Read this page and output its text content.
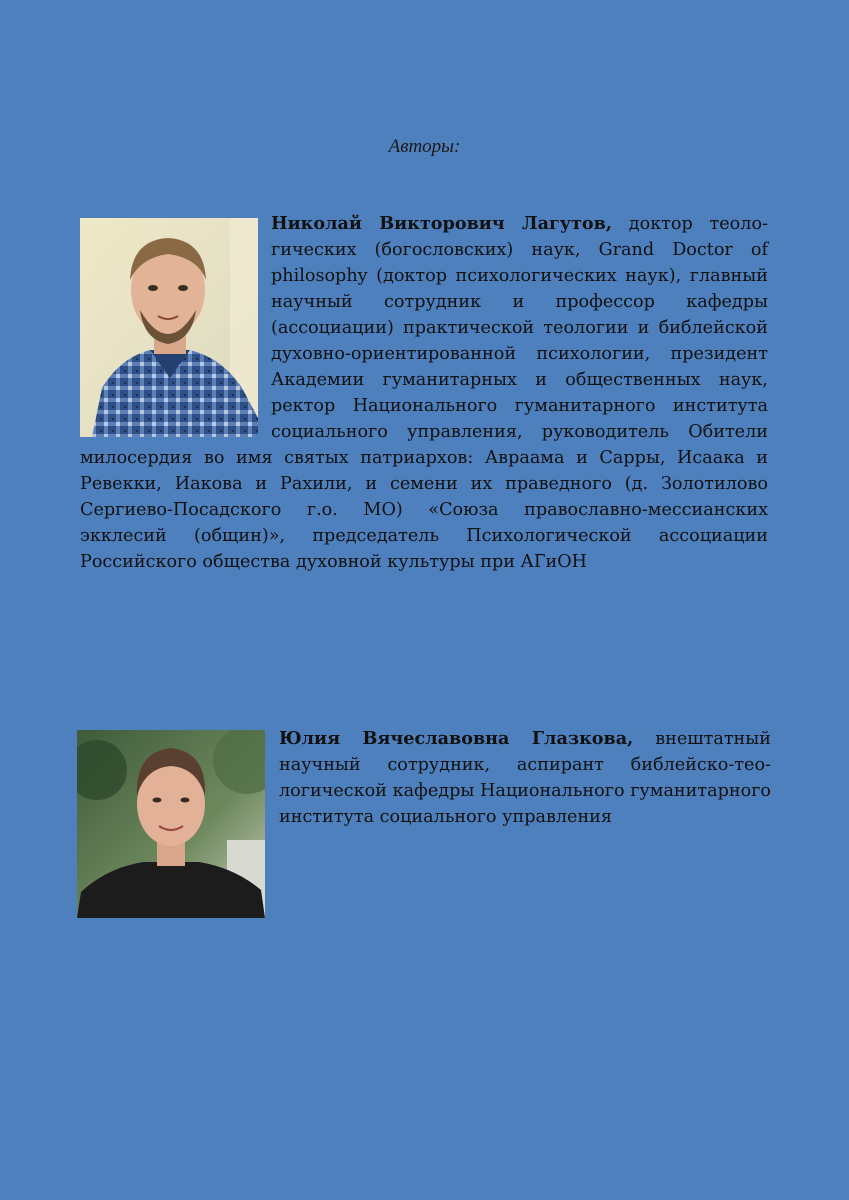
Авторы:
Николай Викторович Лагутов, доктор теологических (богословских) наук, Grand Doctor of philosophy (доктор психологических наук), главный научный сотрудник и профессор кафедры (ассоциации) практической теологии и библейской духовно-ориентированной психологии, президент Академии гуманитарных и общественных наук, ректор Национального гуманитарного института социального управления, руководитель Обители милосердия во имя святых патриархов: Авраама и Сарры, Исаака и Ревекки, Иакова и Рахили, и семени их праведного (д. Золотилово Сергиево-Посадского г.о. МО) «Союза православно-мессианских экклесий (общин)», председатель Психологической ассоциации Российского общества духовной культуры при АГиОН
Юлия Вячеславовна Глазкова, внештатный научный сотрудник, аспирант библейско-теологической кафедры Национального гуманитарного института социального управления
